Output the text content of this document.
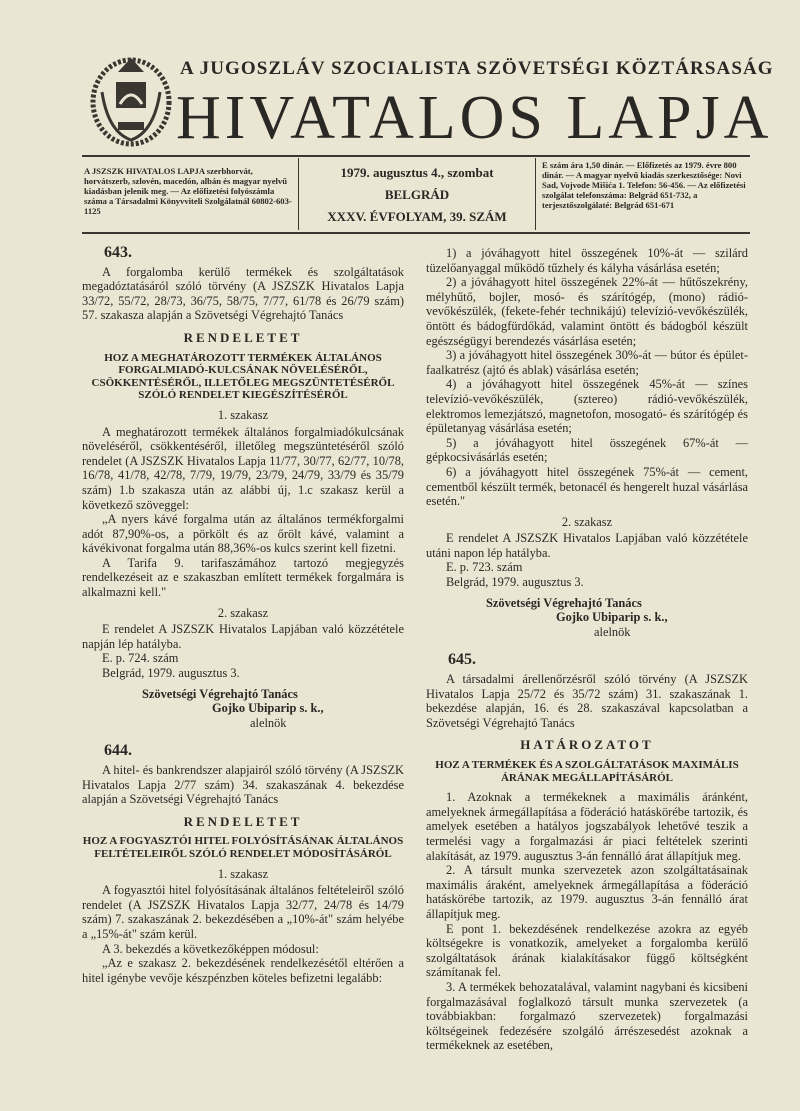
A JUGOSZLÁV SZOCIALISTA SZÖVETSÉGI KÖZTÁRSASÁG
HIVATALOS LAPJA
A JSZSZK HIVATALOS LAPJA szerbhorvát, horvátszerb, szlovén, macedón, albán és magyar nyelvű kiadásban jelenik meg. — Az előfizetési folyószámla száma a Társadalmi Könyvviteli Szolgálatnál 60802-603-1125
1979. augusztus 4., szombat
BELGRÁD
XXXV. ÉVFOLYAM, 39. SZÁM
E szám ára 1,50 dinár. — Előfizetés az 1979. évre 800 dinár. — A magyar nyelvű kiadás szerkesztősége: Novi Sad, Vojvode Mišića 1. Telefon: 56-456. — Az előfizetési szolgálat telefonszáma: Belgrád 651-732, a terjesztőszolgálaté: Belgrád 651-671
643.

A forgalomba kerülő termékek és szolgáltatások megadóztatásáról szóló törvény (A JSZSZK Hivatalos Lapja 33/72, 55/72, 28/73, 36/75, 58/75, 7/77, 61/78 és 26/79 szám) 57. szakasza alapján a Szövetségi Végrehajtó Tanács

RENDELETET
HOZ A MEGHATÁROZOTT TERMÉKEK ÁLTALÁNOS FORGALMIADÓ-KULCSÁNAK NÖVELÉSÉRŐL, CSÖKKENTÉSÉRŐL, ILLETŐLEG MEGSZÜNTETÉSÉRŐL SZÓLÓ RENDELET KIEGÉSZÍTÉSÉRŐL
1. szakasz

A meghatározott termékek általános forgalmiadókulcsának növeléséről, csökkentéséről, illetőleg megszüntetéséről szóló rendelet (A JSZSZK Hivatalos Lapja 11/77, 30/77, 62/77, 10/78, 16/78, 41/78, 42/78, 7/79, 19/79, 23/79, 24/79, 33/79 és 35/79 szám) 1.b szakasza után az alábbi új, 1.c szakasz kerül a következő szöveggel:

„A nyers kávé forgalma után az általános termékforgalmi adót 87,90%-os, a pörkölt és az őrölt kávé, valamint a kávékivonat forgalma után 88,36%-os kulcs szerint kell fizetni.

A Tarifa 9. tarifaszámához tartozó megjegyzés rendelkezéseit az e szakaszban említett termékek forgalmára is alkalmazni kell."

2. szakasz

E rendelet A JSZSZK Hivatalos Lapjában való közzététele napján lép hatályba.

E. p. 724. szám

Belgrád, 1979. augusztus 3.

Szövetségi Végrehajtó Tanács
Gojko Ubiparip s. k.,
alelnök
644.

A hitel- és bankrendszer alapjairól szóló törvény (A JSZSZK Hivatalos Lapja 2/77 szám) 34. szakaszának 4. bekezdése alapján a Szövetségi Végrehajtó Tanács

RENDELETET
HOZ A FOGYASZTÓI HITEL FOLYÓSÍTÁSÁNAK ÁLTALÁNOS FELTÉTELEIRŐL SZÓLÓ RENDELET MÓDOSÍTÁSÁRÓL
1. szakasz

A fogyasztói hitel folyósításának általános feltételeiről szóló rendelet (A JSZSZK Hivatalos Lapja 32/77, 24/78 és 14/79 szám) 7. szakaszának 2. bekezdésében a „10%-át" szám helyébe a „15%-át" szám kerül.

A 3. bekezdés a következőképpen módosul:

„Az e szakasz 2. bekezdésének rendelkezésétől eltérően a hitel igénybe vevője készpénzben köteles befizetni legalább:

1) a jóváhagyott hitel összegének 10%-át — szilárd tüzelőanyaggal működő tűzhely és kályha vásárlása esetén;

2) a jóváhagyott hitel összegének 22%-át — hűtőszekrény, mélyhűtő, bojler, mosó- és szárítógép, (mono) rádió-vevőkészülék, (fekete-fehér technikájú) televízió-vevőkészülék, öntött és bádogfürdőkád, valamint öntött és bádogból készült egészségügyi berendezés vásárlása esetén;

3) a jóváhagyott hitel összegének 30%-át — bútor és épület-faalkatrész (ajtó és ablak) vásárlása esetén;

4) a jóváhagyott hitel összegének 45%-át — színes televízió-vevőkészülék, (sztereo) rádió-vevőkészülék, elektromos lemezjátszó, magnetofon, mosogató- és szárítógép és épületanyag vásárlása esetén;

5) a jóváhagyott hitel összegének 67%-át — gépkocsivásárlás esetén;

6) a jóváhagyott hitel összegének 75%-át — cement, cementből készült termék, betonacél és hengerelt huzal vásárlása esetén."

2. szakasz

E rendelet A JSZSZK Hivatalos Lapjában való közzététele utáni napon lép hatályba.

E. p. 723. szám

Belgrád, 1979. augusztus 3.

Szövetségi Végrehajtó Tanács
Gojko Ubiparip s. k.,
alelnök
645.

A társadalmi árellenőrzésről szóló törvény (A JSZSZK Hivatalos Lapja 25/72 és 35/72 szám) 31. szakaszának 1. bekezdése alapján, 16. és 28. szakaszával kapcsolatban a Szövetségi Végrehajtó Tanács

HATÁROZATOT
HOZ A TERMÉKEK ÉS A SZOLGÁLTATÁSOK MAXIMÁLIS ÁRÁNAK MEGÁLLAPÍTÁSÁRÓL

1. Azoknak a termékeknek a maximális áránként, amelyeknek ármegállapítása a föderáció hatáskörébe tartozik, és amelyek esetében a hatályos jogszabályok lehetővé teszik a termelési vagy a forgalmazási ár piaci feltételek szerinti alakítását, az 1979. augusztus 3-án fennálló árat állapítjuk meg.

2. A társult munka szervezetek azon szolgáltatásainak maximális áraként, amelyeknek ármegállapítása a föderáció hatáskörébe tartozik, az 1979. augusztus 3-án fennálló árat állapítjuk meg.

E pont 1. bekezdésének rendelkezése azokra az egyéb költségekre is vonatkozik, amelyeket a forgalomba kerülő szolgáltatások árának kialakításakor függő költségként számítanak fel.

3. A termékek behozatalával, valamint nagybani és kicsibeni forgalmazásával foglalkozó társult munka szervezetek (a továbbiakban: forgalmazó szervezetek) forgalmazási költségeinek fedezésére szolgáló árrészesedést azoknak a termékeknek az esetében,
